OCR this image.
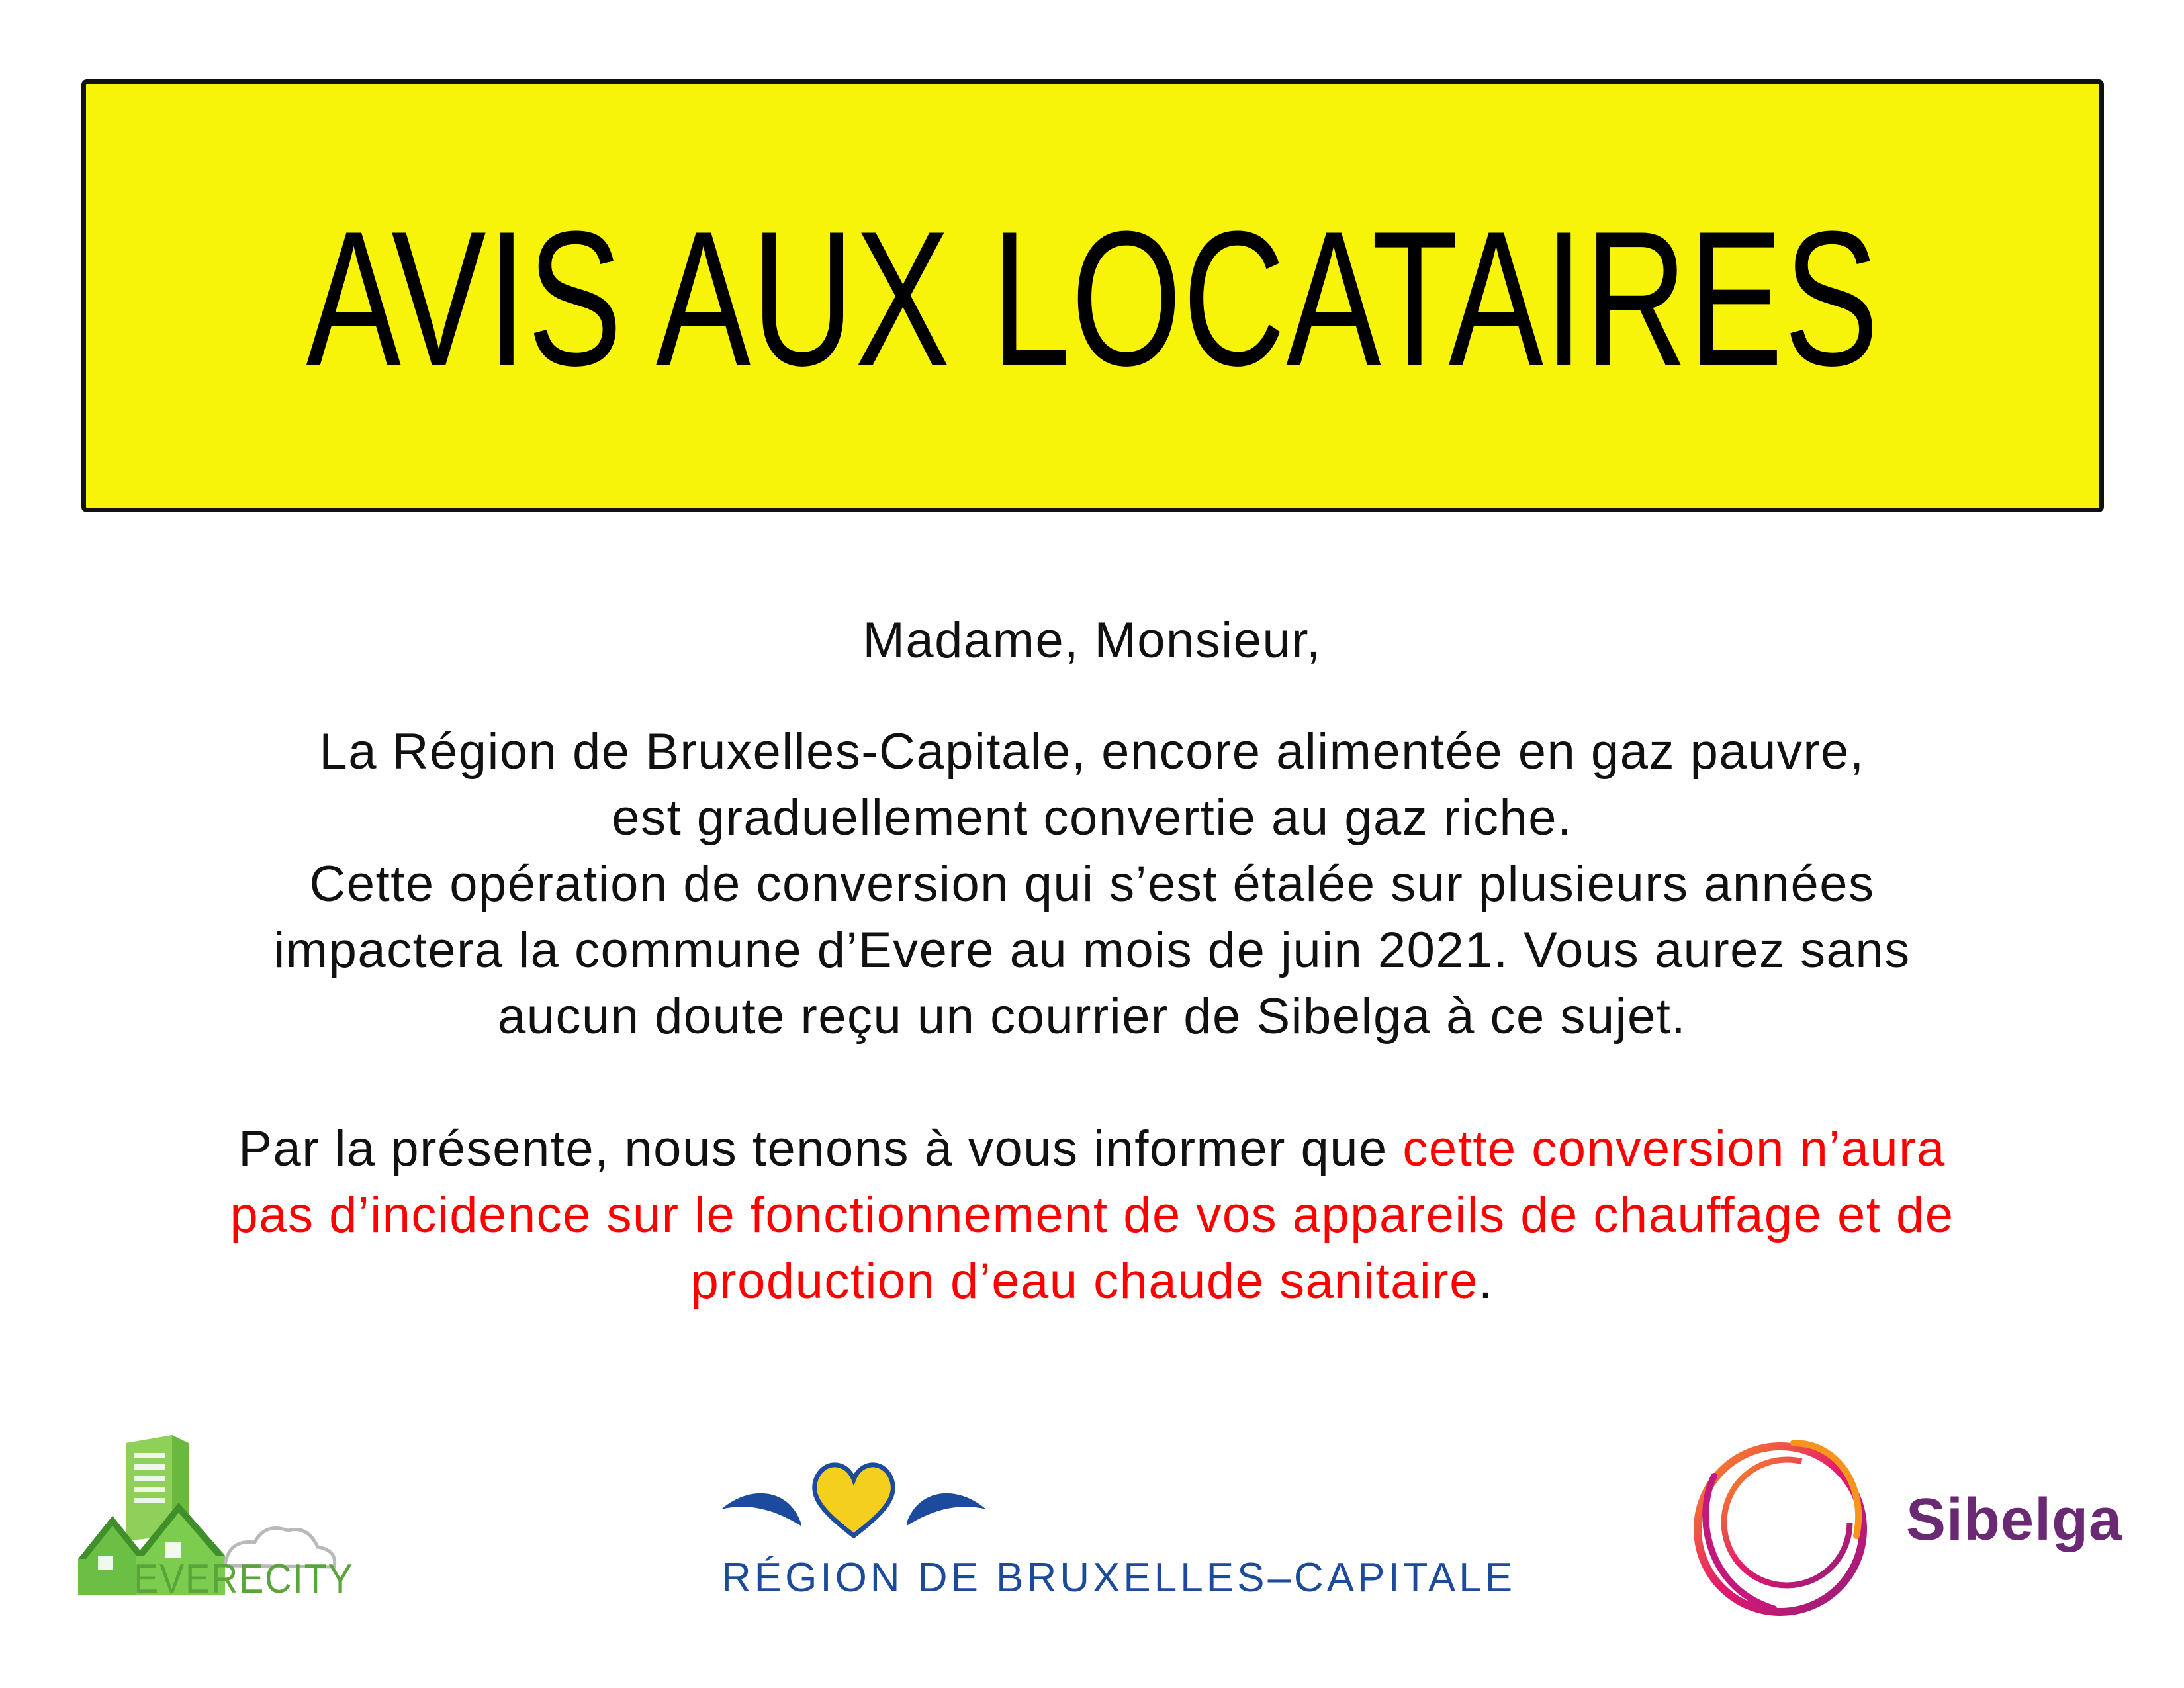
AVIS AUX LOCATAIRES

Madame, Monsieur,

La Région de Bruxelles-Capitale, encore alimentée en gaz pauvre,
est graduellement convertie au gaz riche.
Cette opération de conversion qui s’est étalée sur plusieurs années
impactera la commune d’Evere au mois de juin 2021. Vous aurez sans
aucun doute reçu un courrier de Sibelga à ce sujet.

Par la présente, nous tenons à vous informer que cette conversion n’aura
pas d’incidence sur le fonctionnement de vos appareils de chauffage et de
production d’eau chaude sanitaire.

EVERECITY	RÉGION DE BRUXELLES–CAPITALE
Sibelga
